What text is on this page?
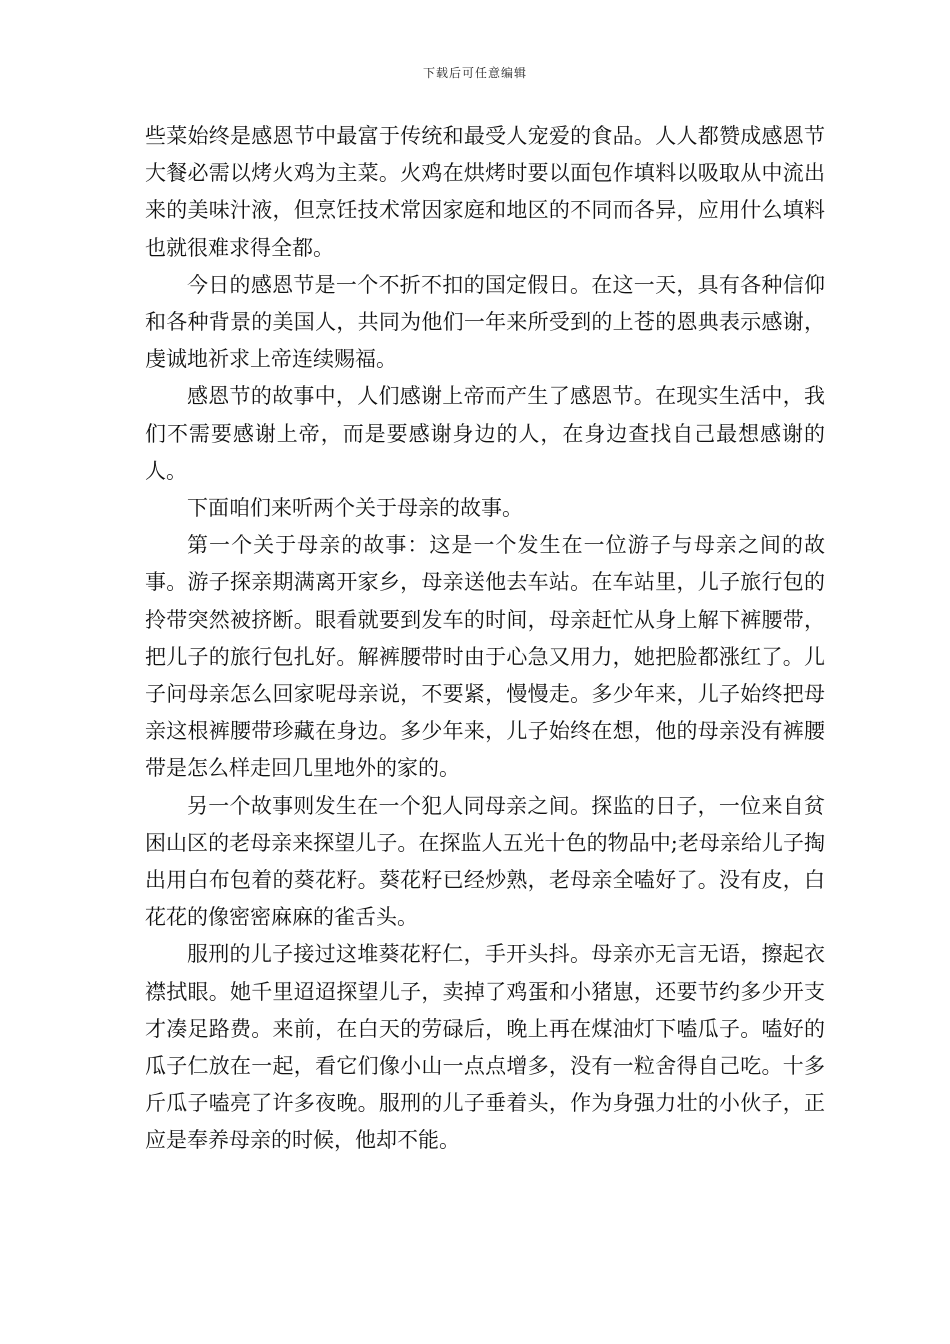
下载后可任意编辑

些菜始终是感恩节中最富于传统和最受人宠爱的食品。人人都赞成感恩节大餐必需以烤火鸡为主菜。火鸡在烘烤时要以面包作填料以吸取从中流出来的美味汁液，但烹饪技术常因家庭和地区的不同而各异，应用什么填料也就很难求得全都。

今日的感恩节是一个不折不扣的国定假日。在这一天，具有各种信仰和各种背景的美国人，共同为他们一年来所受到的上苍的恩典表示感谢，虔诚地祈求上帝连续赐福。

感恩节的故事中，人们感谢上帝而产生了感恩节。在现实生活中，我们不需要感谢上帝，而是要感谢身边的人，在身边查找自己最想感谢的人。

下面咱们来听两个关于母亲的故事。

第一个关于母亲的故事：这是一个发生在一位游子与母亲之间的故事。游子探亲期满离开家乡，母亲送他去车站。在车站里，儿子旅行包的拎带突然被挤断。眼看就要到发车的时间，母亲赶忙从身上解下裤腰带，把儿子的旅行包扎好。解裤腰带时由于心急又用力，她把脸都涨红了。儿子问母亲怎么回家呢母亲说，不要紧，慢慢走。多少年来，儿子始终把母亲这根裤腰带珍藏在身边。多少年来，儿子始终在想，他的母亲没有裤腰带是怎么样走回几里地外的家的。

另一个故事则发生在一个犯人同母亲之间。探监的日子，一位来自贫困山区的老母亲来探望儿子。在探监人五光十色的物品中;老母亲给儿子掏出用白布包着的葵花籽。葵花籽已经炒熟，老母亲全嗑好了。没有皮，白花花的像密密麻麻的雀舌头。

服刑的儿子接过这堆葵花籽仁，手开头抖。母亲亦无言无语，擦起衣襟拭眼。她千里迢迢探望儿子，卖掉了鸡蛋和小猪崽，还要节约多少开支才凑足路费。来前，在白天的劳碌后，晚上再在煤油灯下嗑瓜子。嗑好的瓜子仁放在一起，看它们像小山一点点增多，没有一粒舍得自己吃。十多斤瓜子嗑亮了许多夜晚。服刑的儿子垂着头，作为身强力壮的小伙子，正应是奉养母亲的时候，他却不能。
